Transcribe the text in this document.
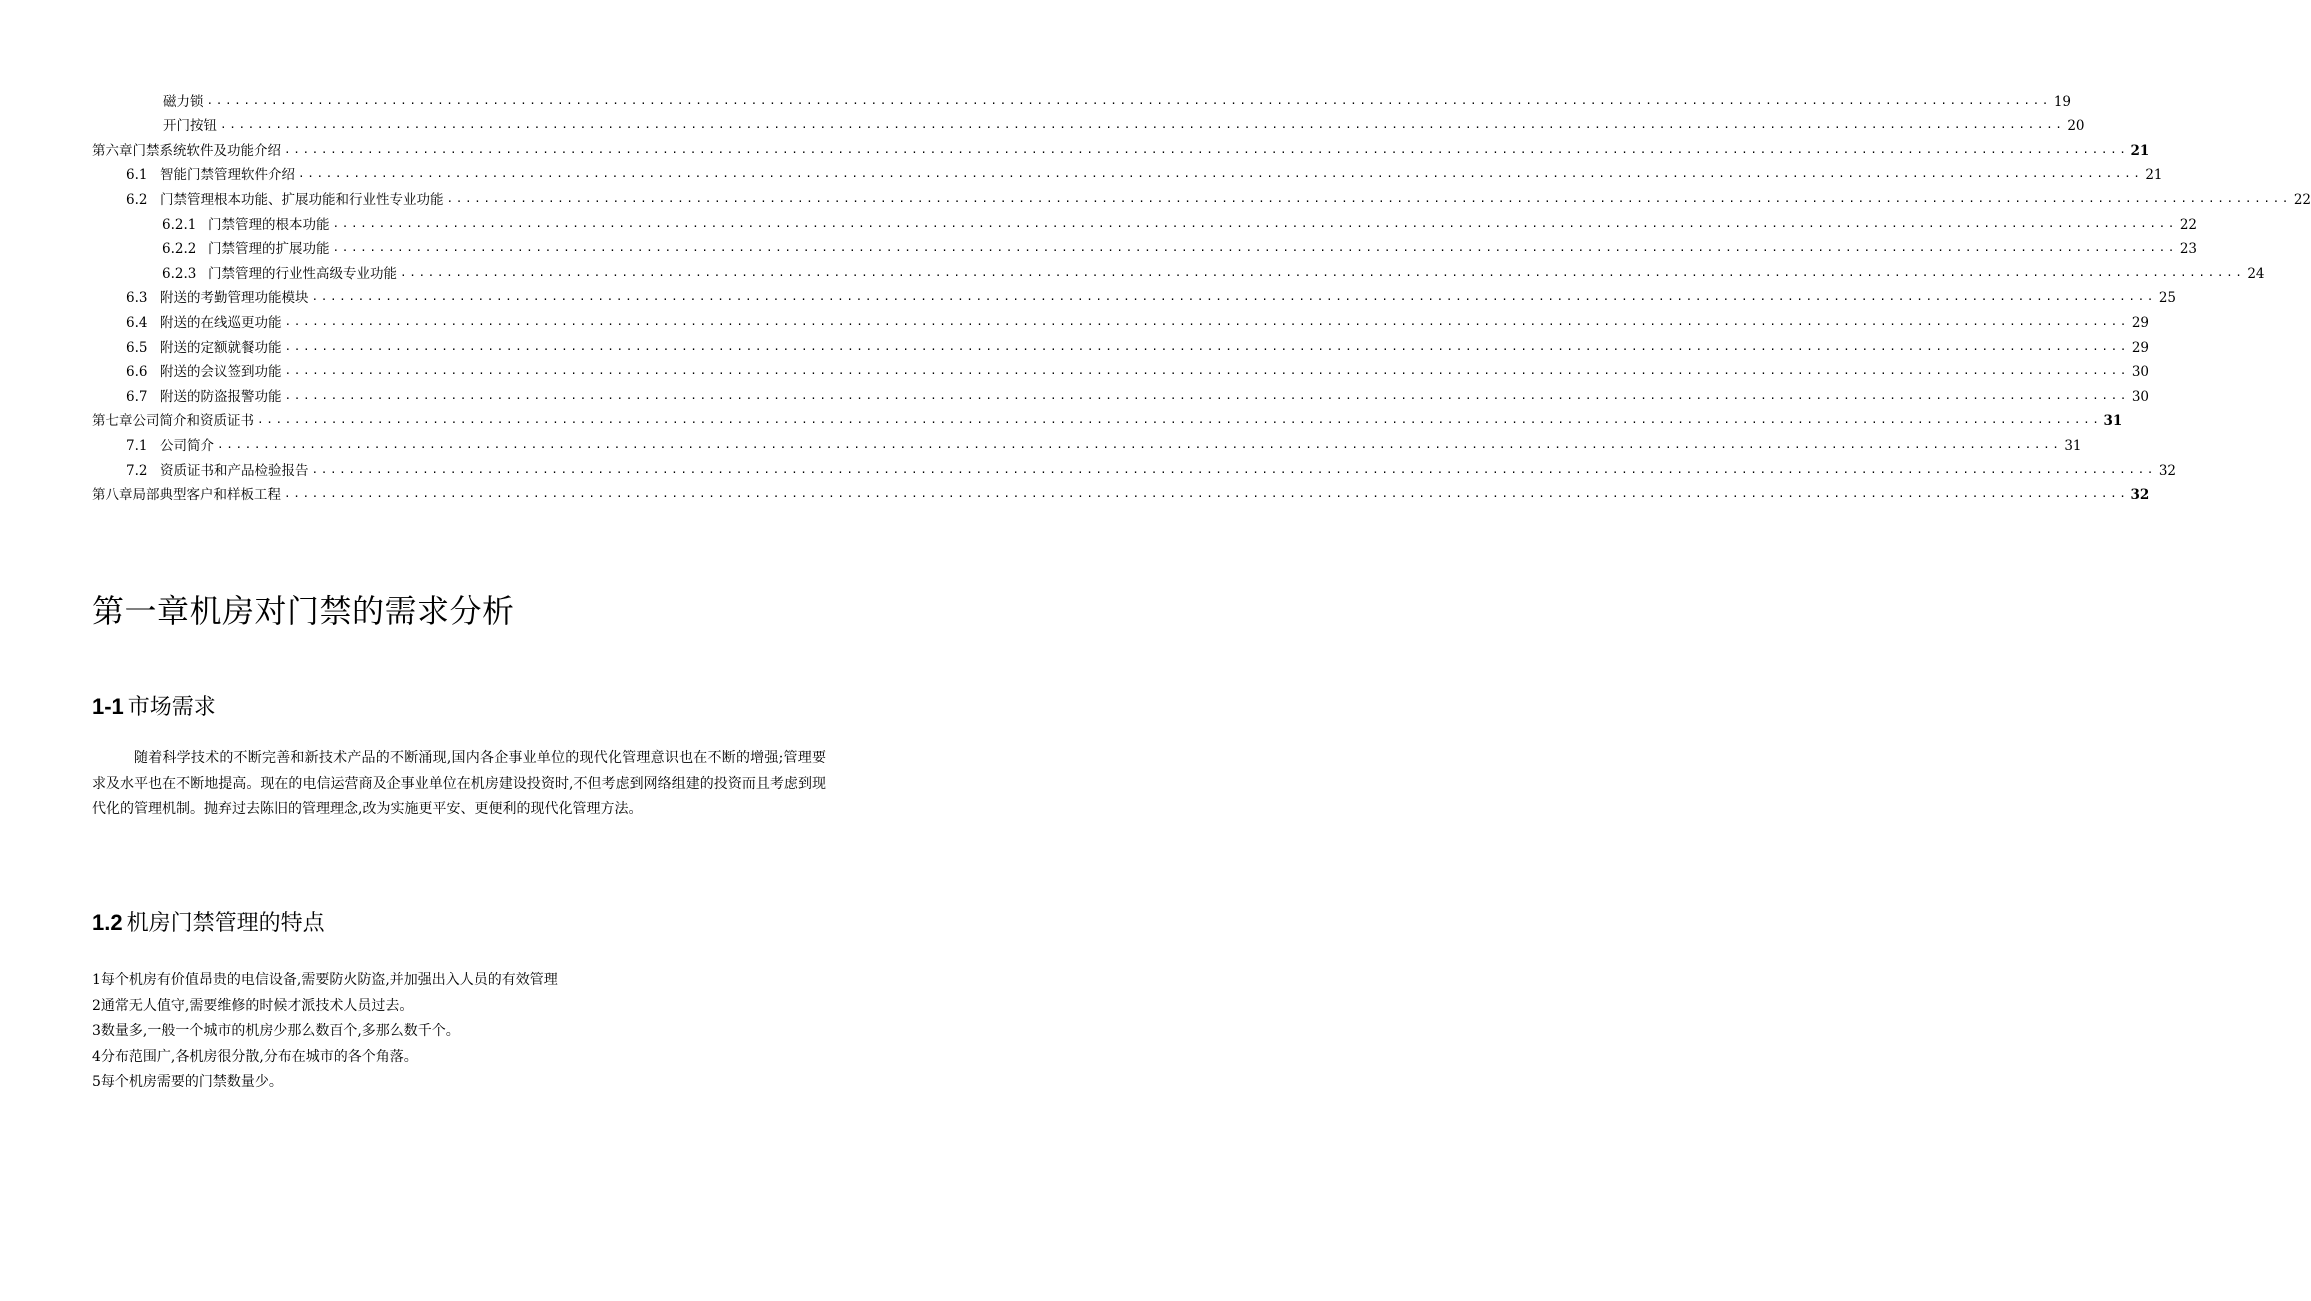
磁力锁 ........................................................................................................................................................................................................ 19
开门按钮 ........................................................................................................................................................................................................ 20
第六章门禁系统软件及功能介绍 ........................................................................................................................................................................................................ 21
6.1 智能门禁管理软件介绍 ........................................................................................................................................................................................................ 21
6.2 门禁管理根本功能、扩展功能和行业性专业功能 ........................................................................................................................................................................................................ 22
6.2.1 门禁管理的根本功能 ........................................................................................................................................................................................................ 22
6.2.2 门禁管理的扩展功能 ........................................................................................................................................................................................................ 23
6.2.3 门禁管理的行业性高级专业功能 ........................................................................................................................................................................................................ 24
6.3 附送的考勤管理功能模块 ........................................................................................................................................................................................................ 25
6.4 附送的在线巡更功能 ........................................................................................................................................................................................................ 29
6.5 附送的定额就餐功能 ........................................................................................................................................................................................................ 29
6.6 附送的会议签到功能 ........................................................................................................................................................................................................ 30
6.7 附送的防盗报警功能 ........................................................................................................................................................................................................ 30
第七章公司简介和资质证书 ........................................................................................................................................................................................................ 31
7.1 公司简介 ........................................................................................................................................................................................................ 31
7.2 资质证书和产品检验报告 ........................................................................................................................................................................................................ 32
第八章局部典型客户和样板工程 ........................................................................................................................................................................................................ 32
第一章机房对门禁的需求分析
1-1 市场需求

随着科学技术的不断完善和新技术产品的不断涌现,国内各企事业单位的现代化管理意识也在不断的增强;管理要求及水平也在不断地提高。现在的电信运营商及企事业单位在机房建设投资时,不但考虑到网络组建的投资而且考虑到现代化的管理机制。抛弃过去陈旧的管理理念,改为实施更平安、更便利的现代化管理方法。

1.2 机房门禁管理的特点
1每个机房有价值昂贵的电信设备,需要防火防盗,并加强出入人员的有效管理
2通常无人值守,需要维修的时候才派技术人员过去。
3数量多,一般一个城市的机房少那么数百个,多那么数千个。
4分布范围广,各机房很分散,分布在城市的各个角落。
5每个机房需要的门禁数量少。
